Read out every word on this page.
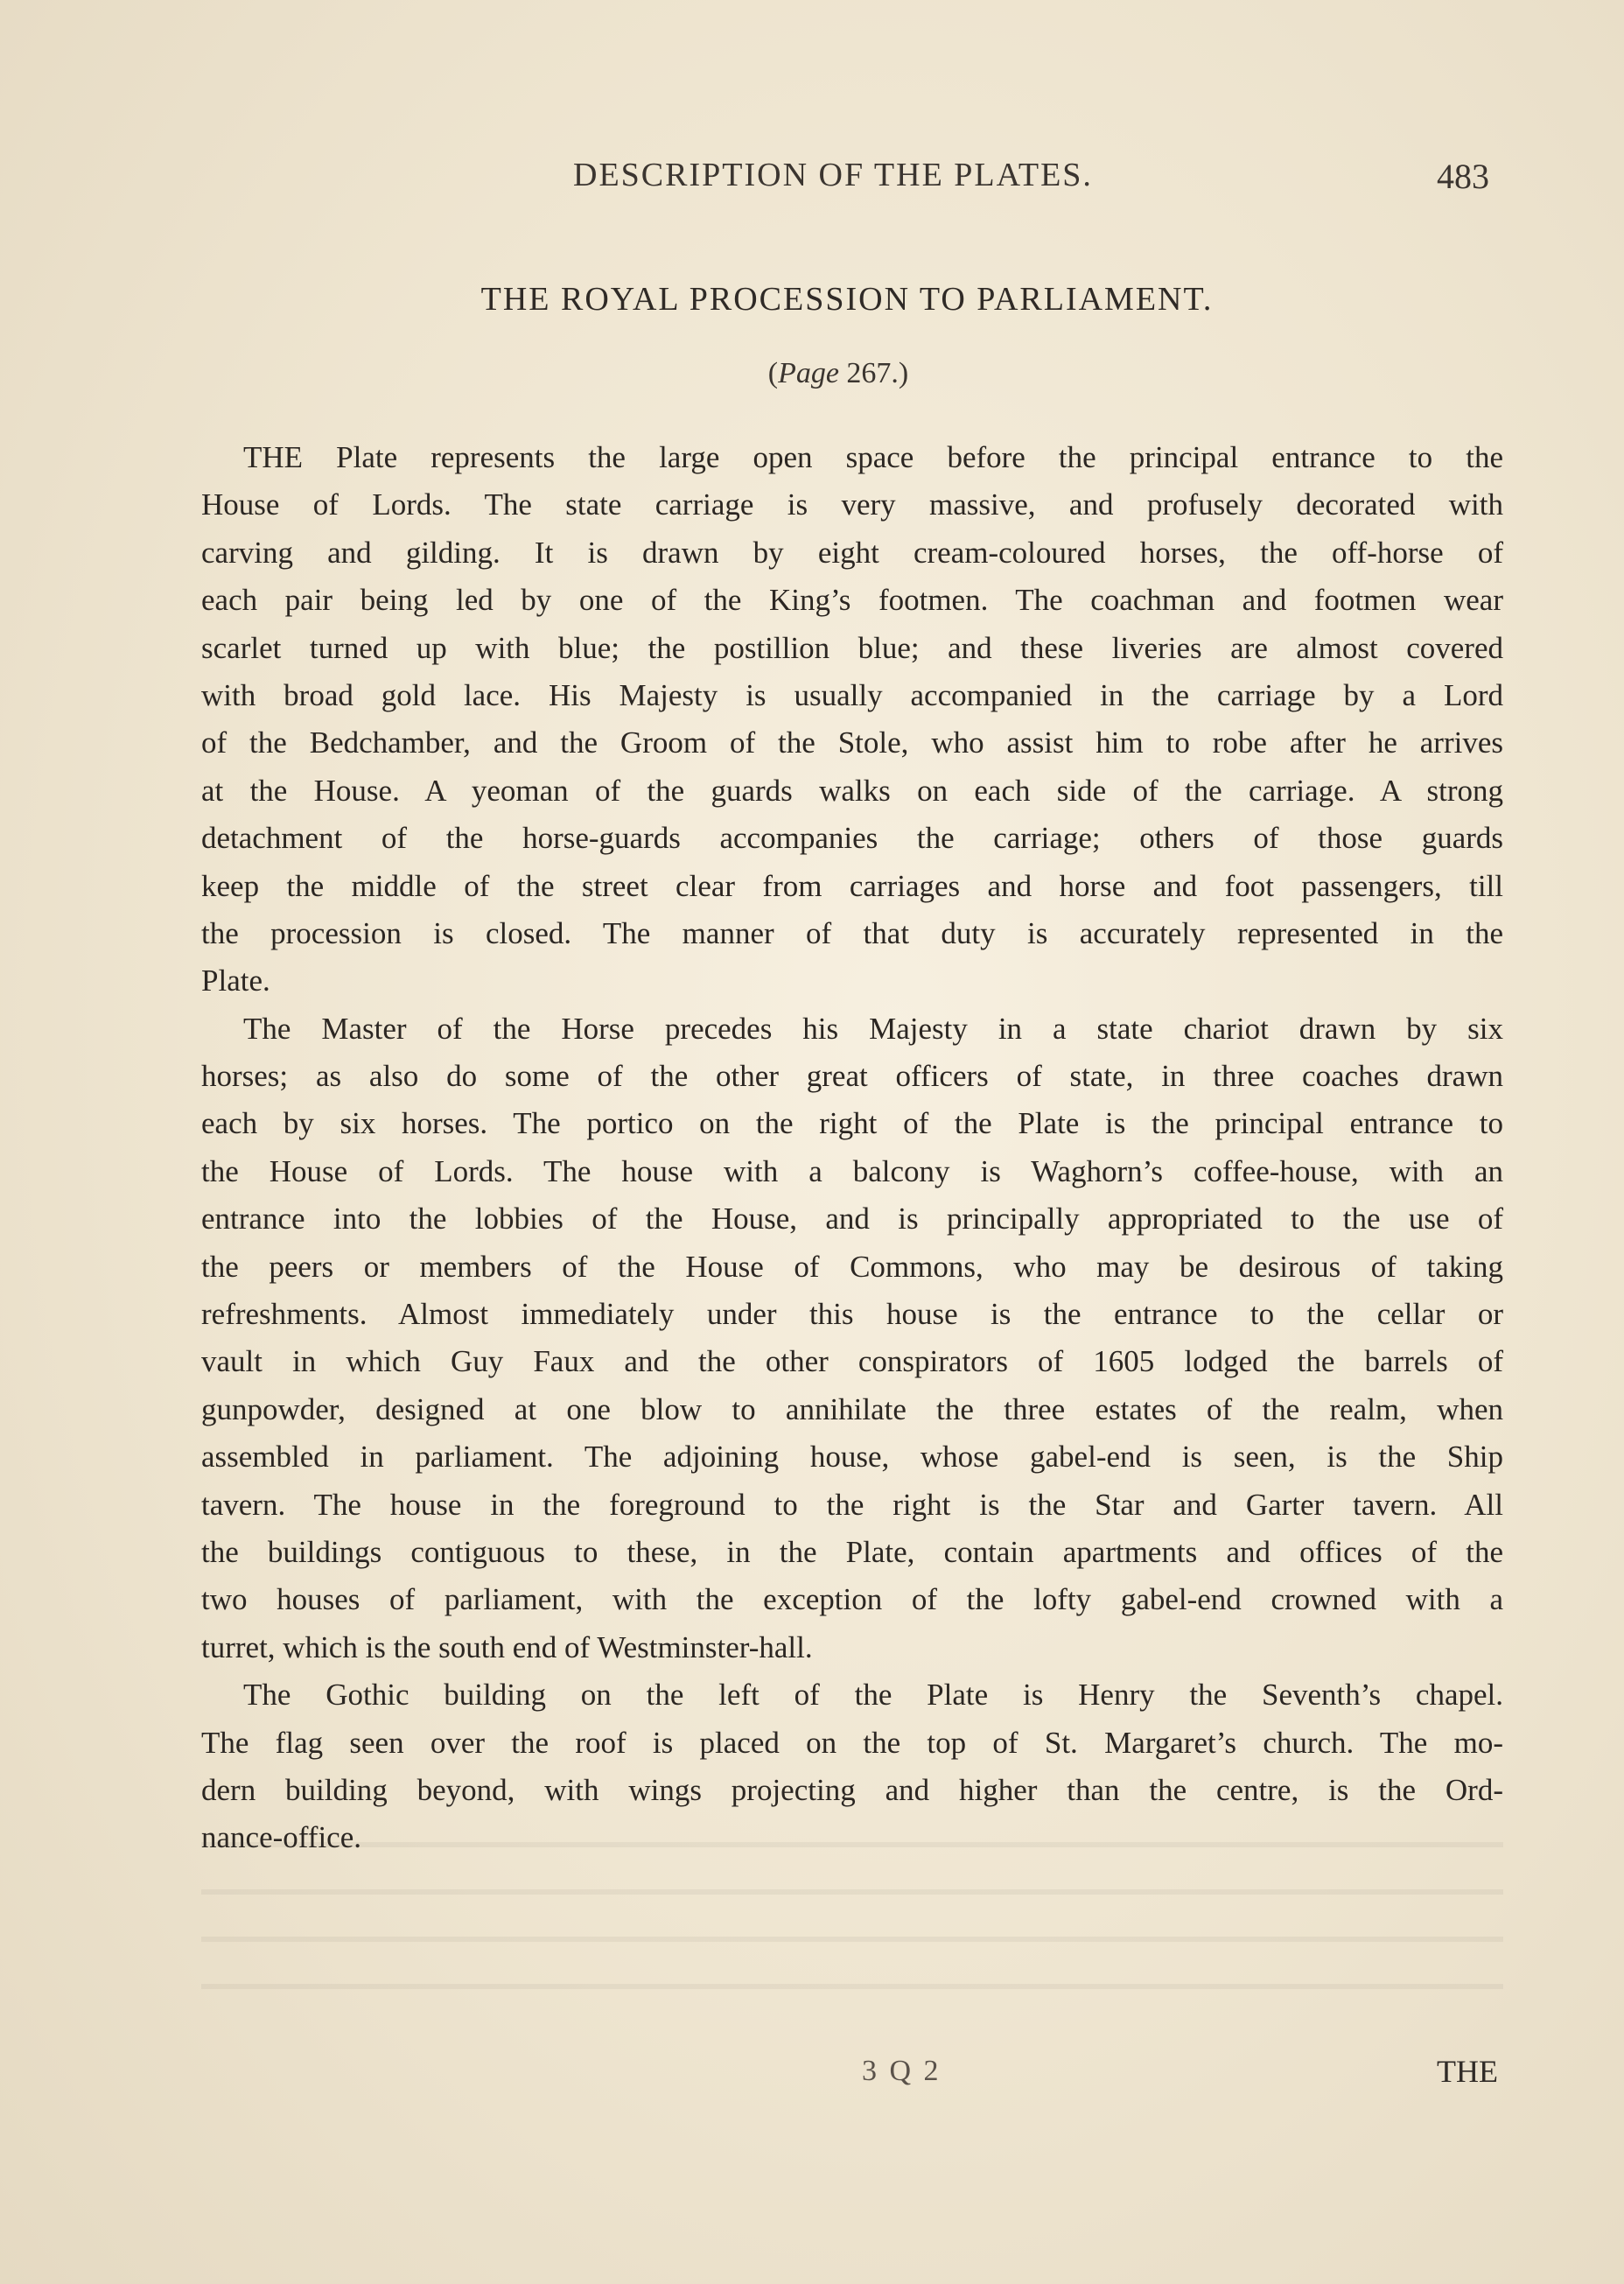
DESCRIPTION OF THE PLATES.	483
THE ROYAL PROCESSION TO PARLIAMENT.
(Page 267.)
THE Plate represents the large open space before the principal entrance to the
House of Lords. The state carriage is very massive, and profusely decorated with
carving and gilding. It is drawn by eight cream-coloured horses, the off-horse of
each pair being led by one of the King’s footmen. The coachman and footmen wear
scarlet turned up with blue; the postillion blue; and these liveries are almost covered
with broad gold lace. His Majesty is usually accompanied in the carriage by a Lord
of the Bedchamber, and the Groom of the Stole, who assist him to robe after he arrives
at the House. A yeoman of the guards walks on each side of the carriage. A strong
detachment of the horse-guards accompanies the carriage; others of those guards
keep the middle of the street clear from carriages and horse and foot passengers, till
the procession is closed. The manner of that duty is accurately represented in the
Plate.
The Master of the Horse precedes his Majesty in a state chariot drawn by six
horses; as also do some of the other great officers of state, in three coaches drawn
each by six horses. The portico on the right of the Plate is the principal entrance to
the House of Lords. The house with a balcony is Waghorn’s coffee-house, with an
entrance into the lobbies of the House, and is principally appropriated to the use of
the peers or members of the House of Commons, who may be desirous of taking
refreshments. Almost immediately under this house is the entrance to the cellar or
vault in which Guy Faux and the other conspirators of 1605 lodged the barrels of
gunpowder, designed at one blow to annihilate the three estates of the realm, when
assembled in parliament. The adjoining house, whose gabel-end is seen, is the Ship
tavern. The house in the foreground to the right is the Star and Garter tavern. All
the buildings contiguous to these, in the Plate, contain apartments and offices of the
two houses of parliament, with the exception of the lofty gabel-end crowned with a
turret, which is the south end of Westminster-hall.
The Gothic building on the left of the Plate is Henry the Seventh’s chapel.
The flag seen over the roof is placed on the top of St. Margaret’s church. The mo-
dern building beyond, with wings projecting and higher than the centre, is the Ord-
nance-office.
3 Q 2	THE
